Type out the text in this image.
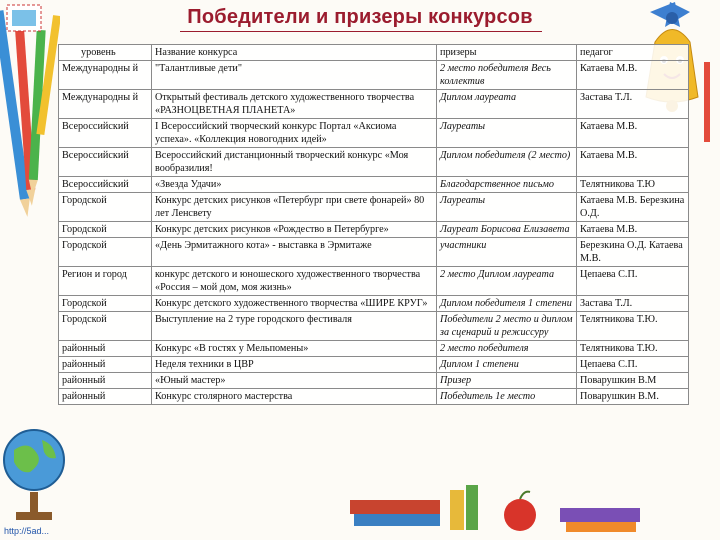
http://5ad...
Победители и призеры конкурсов
уровень	Название конкурса	призеры	педагог
Международны й	"Талантливые дети"	2 место победителя Весь коллектив	Катаева М.В.
Международны й	Открытый фестиваль детского художественного творчества «РАЗНОЦВЕТНАЯ ПЛАНЕТА»	Диплом лауреата	Застава Т.Л.
Всероссийский	I Всероссийский творческий конкурс Портал «Аксиома успеха». «Коллекция новогодних идей»	Лауреаты	Катаева М.В.
Всероссийский	Всероссийский дистанционный творческий конкурс «Моя вообразилия!	Диплом победителя (2 место)	Катаева М.В.
Всероссийский	«Звезда Удачи»	Благодарственное письмо	Телятникова Т.Ю
Городской	Конкурс детских рисунков «Петербург при свете фонарей» 80 лет Ленсвету	Лауреаты	Катаева М.В. Березкина О.Д.
Городской	Конкурс детских рисунков «Рождество в Петербурге»	Лауреат Борисова Елизавета	Катаева М.В.
Городской	«День Эрмитажного кота» - выставка в Эрмитаже	участники	Березкина О.Д. Катаева М.В.
Регион и город	конкурс детского и юношеского художественного творчества «Россия – мой дом, моя жизнь»	2 место Диплом лауреата	Цепаева С.П.
Городской	Конкурс детского художественного творчества «ШИРЕ КРУГ»	Диплом победителя 1 степени	Застава Т.Л.
Городской	Выступление на 2 туре городского фестиваля	Победители 2 место и диплом за сценарий и режиссуру	Телятникова Т.Ю.
районный	Конкурс «В гостях у Мельпомены»	2 место победителя	Телятникова Т.Ю.
районный	Неделя техники в ЦВР	Диплом 1 степени	Цепаева С.П.
районный	«Юный мастер»	Призер	Поварушкин В.М
районный	Конкурс столярного мастерства	Победитель 1е место	Поварушкин В.М.
